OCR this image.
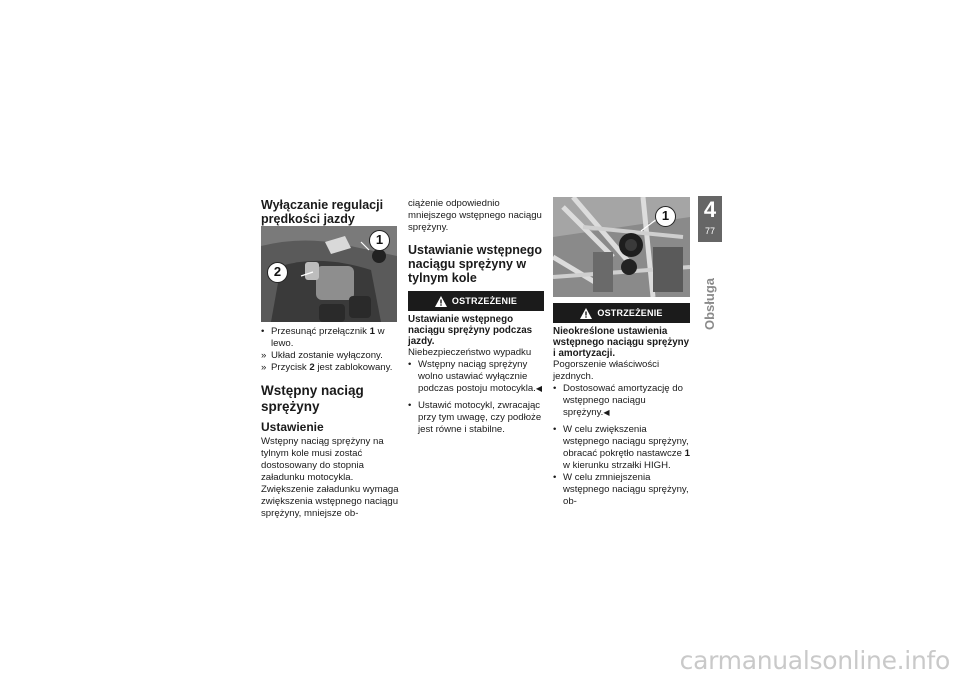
Wyłączanie regulacji prędkości jazdy

1
2
• Przesunąć przełącznik 1 w lewo.
» Układ zostanie wyłączony.
» Przycisk 2 jest zablokowany.

Wstępny naciąg sprężyny

Ustawienie

Wstępny naciąg sprężyny na tylnym kole musi zostać dostosowany do stopnia załadunku motocykla. Zwiększenie załadunku wymaga zwiększenia wstępnego naciągu sprężyny, mniejsze ob-

ciążenie odpowiednio mniejszego wstępnego naciągu sprężyny.

Ustawianie wstępnego naciągu sprężyny w tylnym kole

OSTRZEŻENIE

Ustawianie wstępnego naciągu sprężyny podczas jazdy.

Niebezpieczeństwo wypadku

• Wstępny naciąg sprężyny wolno ustawiać wyłącznie podczas postoju motocykla.◀
• Ustawić motocykl, zwracając przy tym uwagę, czy podłoże jest równe i stabilne.
1
OSTRZEŻENIE

Nieokreślone ustawienia wstępnego naciągu sprężyny i amortyzacji.

Pogorszenie właściwości jezdnych.

• Dostosować amortyzację do wstępnego naciągu sprężyny.◀
• W celu zwiększenia wstępnego naciągu sprężyny, obracać pokrętło nastawcze 1 w kierunku strzałki HIGH.
• W celu zmniejszenia wstępnego naciągu sprężyny, ob-
4
77
Obsługa
carmanualsonline.info
